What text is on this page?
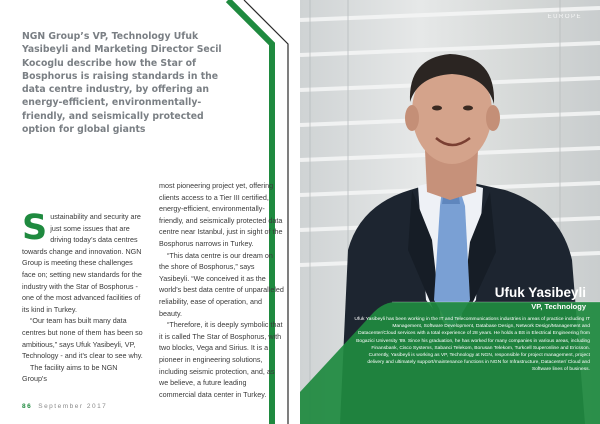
NGN Group’s VP, Technology Ufuk Yasibeyli and Marketing Director Secil Kocoglu describe how the Star of Bosphorus is raising standards in the data centre industry, by offering an energy-efficient, environmentally-friendly, and seismically protected option for global giants

S ustainability and security are just some issues that are driving today’s data centres towards change and innovation. NGN Group is meeting these challenges face on; setting new standards for the industry with the Star of Bosphorus - one of the most advanced facilities of its kind in Turkey.

“Our team has built many data centres but none of them has been so ambitious,” says Ufuk Yasibeyli, VP, Technology - and it’s clear to see why.

The facility aims to be NGN Group's

most pioneering project yet, offering clients access to a Tier III certified, energy-efficient, environmentally-friendly, and seismically protected data centre near Istanbul, just in sight of the Bosphorus narrows in Turkey.

“This data centre is our dream on the shore of Bosphorus,” says Yasibeyli. “We conceived it as the world’s best data centre of unparalleled reliability, ease of operation, and beauty.

“Therefore, it is deeply symbolic that it is called The Star of Bosphorus, with two blocks, Vega and Sirius. It is a pioneer in engineering solutions, including seismic protection, and, as we believe, a future leading commercial data center in Turkey.

86 September 2017
EUROPE
Ufuk Yasibeyli
VP, Technology

Ufuk Yasibeyli has been working in the IT and Telecommunications industries in areas of practice including IT Management, Software Development, Database Design, Network Design/Management and Datacenter/Cloud services with a total experience of 28 years. He holds a BS in Electrical Engineering from Bogazici University '89. Since his graduation, he has worked for many companies in various areas, including Finansbank, Cisco Systems, Sabanci Telekom, Borusan Telekom, Turkcell Superonline and Ericsson. Currently, Yasibeyli is working as VP, Technology at NGN, responsible for project management, project delivery and ultimately support/maintenance functions in NGN for Infrastructure, Datacenter/ Cloud and Software lines of business.
